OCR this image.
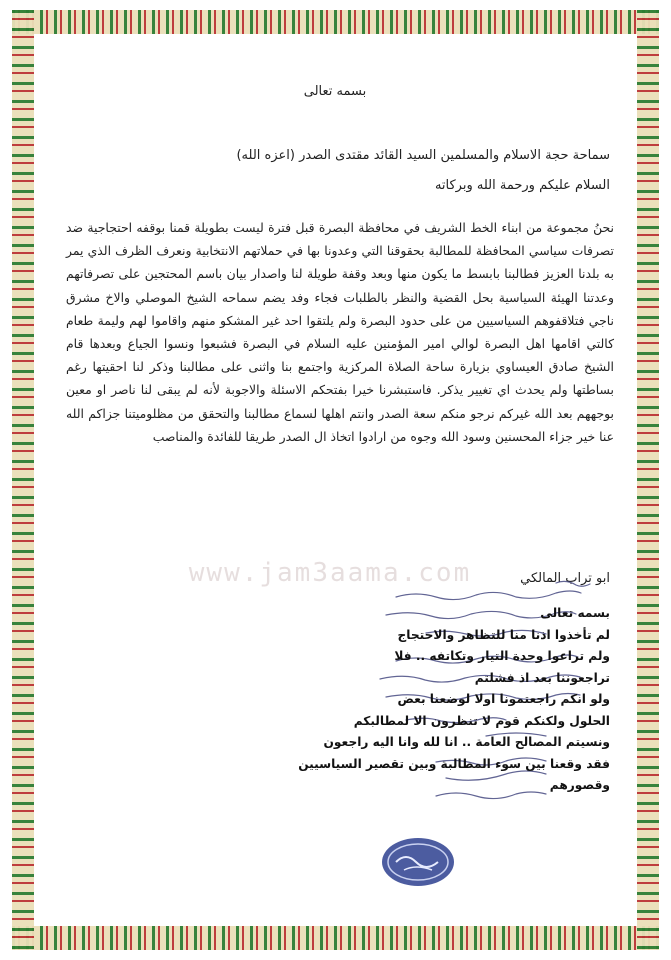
بسمه تعالى
سماحة حجة الاسلام والمسلمين السيد القائد مقتدى الصدر (اعزه الله)
السلام عليكم ورحمة الله وبركاته
نحنُ مجموعة من ابناء الخط الشريف في محافظة البصرة قبل فترة ليست بطويلة قمنا بوقفه احتجاجية ضد تصرفات سياسي المحافظة للمطالبة بحقوقنا التي وعدونا بها في حملاتهم الانتخابية ونعرف الظرف الذي يمر به بلدنا العزيز فطالبنا بابسط ما يكون منها وبعد وقفة طويلة لنا واصدار بيان باسم المحتجين على تصرفاتهم وعدتنا الهيئة السياسية بحل القضية والنظر بالطلبات فجاء وفد يضم سماحه الشيخ الموصلي والاخ مشرق ناجي فتلاقفوهم السياسيين من على حدود البصرة ولم يلتقوا احد غير المشكو منهم واقاموا لهم وليمة طعام كالتي اقامها اهل البصرة لوالي امير المؤمنين عليه السلام في البصرة فشبعوا ونسوا الجياع وبعدها قام الشيخ صادق العيساوي بزيارة ساحة الصلاة المركزية واجتمع بنا واثنى على مطالبنا وذكر لنا احقيتها رغم بساطتها ولم يحدث اي تغيير يذكر. فاستبشرنا خيرا بفتحكم الاسئلة والاجوبة لأنه لم يبقى لنا ناصر او معين بوجههم بعد الله غيركم نرجو منكم سعة الصدر وانتم اهلها لسماع مطالبنا والتحقق من مظلوميتنا جزاكم الله عنا خير جزاء المحسنين وسود الله وجوه من ارادوا اتخاذ ال الصدر طريقا للفائدة والمناصب
ابو تراب المالكي
www.jam3aama.com
بسمه تعالى
لم تأخذوا اذنا منا للتظاهر والاحتجاج
ولم تراعوا وحدة التيار وتكاتفه .. فلا
تراجعوننا بعد اذ فشلتم
ولو انكم راجعتمونا اولا لوضعنا بعض
الحلول ولكنكم قوم لا تنظرون الا لمطالبكم
ونسيتم المصالح العامة .. انا لله وانا اليه راجعون
فقد وقعنا بين سوء المطالبة وبين تقصير السياسيين
وقصورهم
